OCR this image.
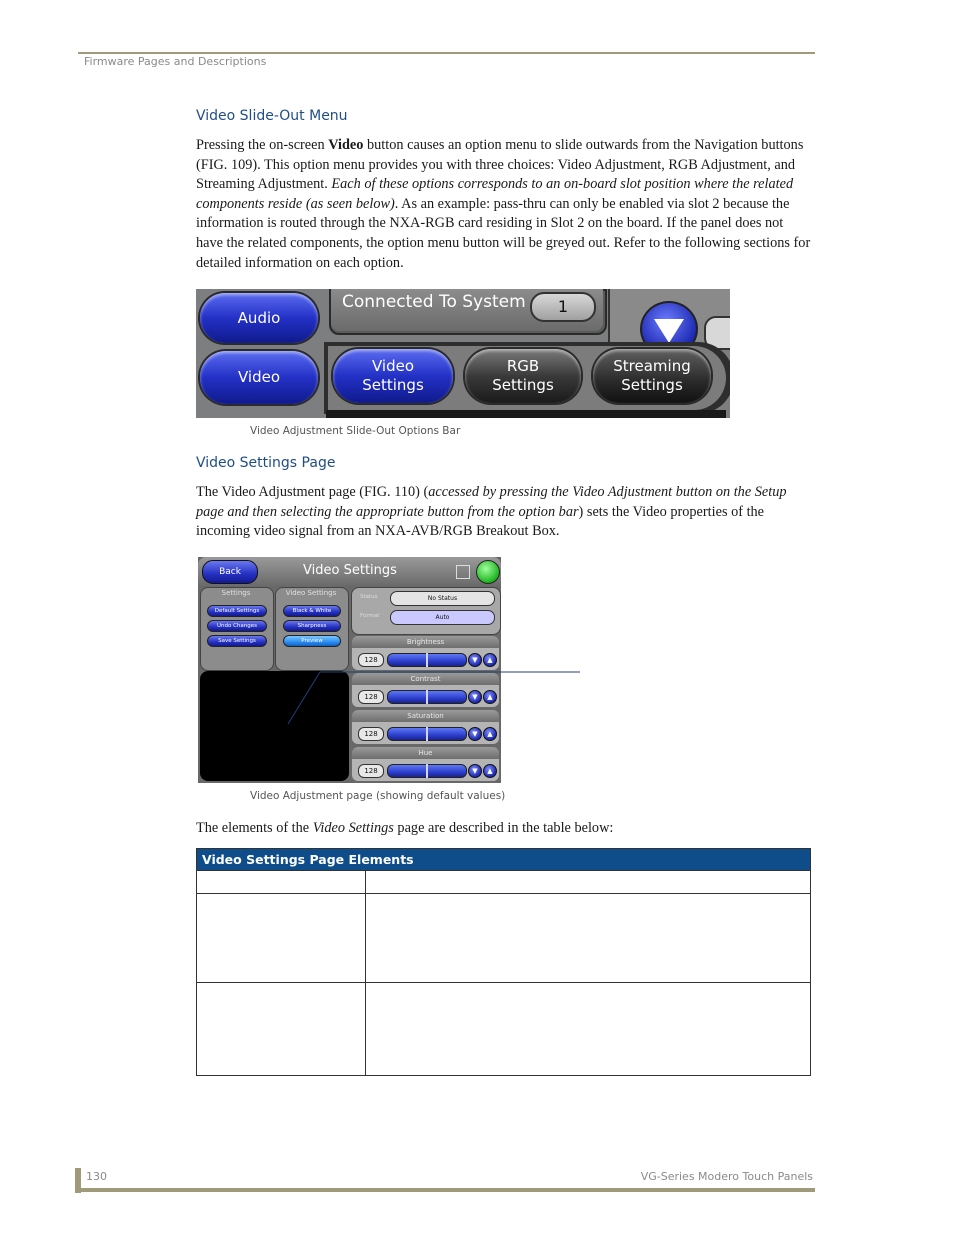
Firmware Pages and Descriptions
Video Slide-Out Menu
Pressing the on-screen Video button causes an option menu to slide outwards from the Navigation buttons (FIG. 109). This option menu provides you with three choices: Video Adjustment, RGB Adjustment, and Streaming Adjustment. Each of these options corresponds to an on-board slot position where the related components reside (as seen below). As an example: pass-thru can only be enabled via slot 2 because the information is routed through the NXA-RGB card residing in Slot 2 on the board. If the panel does not have the related components, the option menu button will be greyed out. Refer to the following sections for detailed information on each option.
Connected To System	1
Audio
Video
Video
Settings
RGB
Settings
Streaming
Settings
Video Adjustment Slide-Out Options Bar
Video Settings Page
The Video Adjustment page (FIG. 110) (accessed by pressing the Video Adjustment button on the Setup page and then selecting the appropriate button from the option bar) sets the Video properties of the incoming video signal from an NXA-AVB/RGB Breakout Box.
Back	Video Settings
Settings
Default Settings
Undo Changes
Save Settings
Video Settings
Black & White
Sharpness
Preview
Status
Format
No Status
Auto
Brightness
128	▼	▲
Contrast
128	▼	▲
Saturation
128	▼	▲
Hue
128	▼	▲
Video Adjustment page (showing default values)
The elements of the Video Settings page are described in the table below:
Video Settings Page Elements
130	VG-Series Modero Touch Panels
